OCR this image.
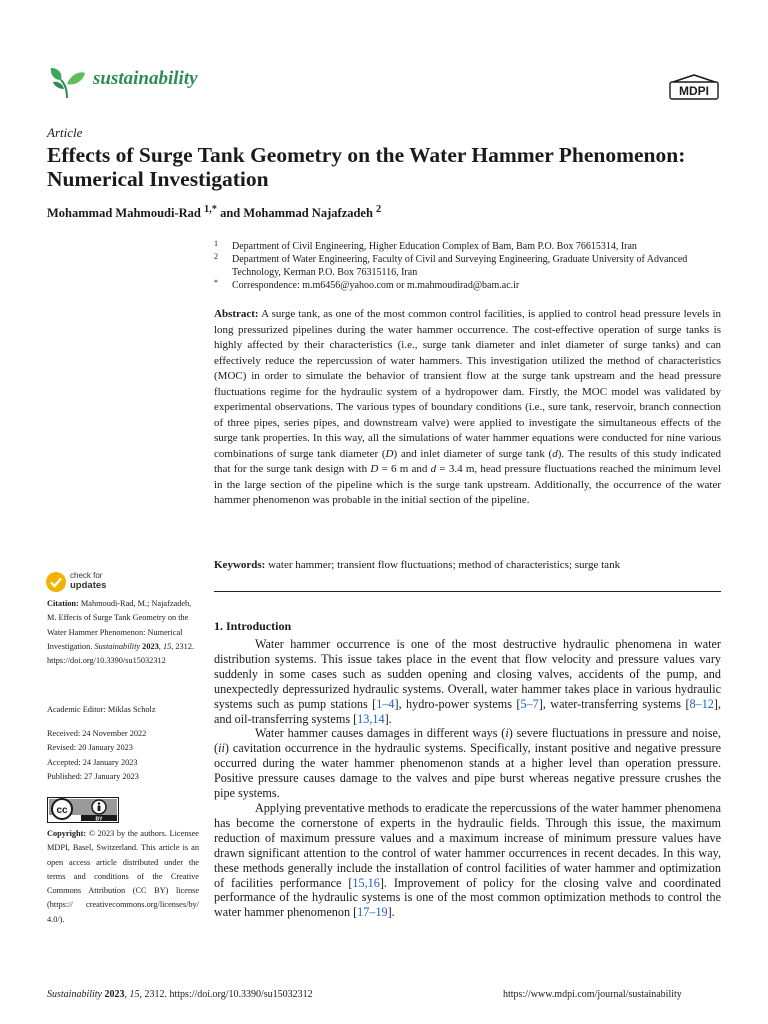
sustainability
MDPI
Article
Effects of Surge Tank Geometry on the Water Hammer Phenomenon: Numerical Investigation
Mohammad Mahmoudi-Rad $^{1,*}$ and Mohammad Najafzadeh $^2$

1 Department of Civil Engineering, Higher Education Complex of Bam, Bam P.O. Box 76615314, Iran

2 Department of Water Engineering, Faculty of Civil and Surveying Engineering, Graduate University of Advanced Technology, Kerman P.O. Box 76315116, Iran

* Correspondence: m.m6456@yahoo.com or m.mahmoudirad@bam.ac.ir

Abstract: A surge tank, as one of the most common control facilities, is applied to control head pressure levels in long pressurized pipelines during the water hammer occurrence. The cost-effective operation of surge tanks is highly affected by their characteristics (i.e., surge tank diameter and inlet diameter of surge tanks) and can effectively reduce the repercussion of water hammers. This investigation utilized the method of characteristics (MOC) in order to simulate the behavior of transient flow at the surge tank upstream and the head pressure fluctuations regime for the hydraulic system of a hydropower dam. Firstly, the MOC model was validated by experimental observations. The various types of boundary conditions (i.e., sure tank, reservoir, branch connection of three pipes, series pipes, and downstream valve) were applied to investigate the simultaneous effects of the surge tank properties. In this way, all the simulations of water hammer equations were conducted for nine various combinations of surge tank diameter (D) and inlet diameter of surge tank (d). The results of this study indicated that for the surge tank design with D = 6 m and d = 3.4 m, head pressure fluctuations reached the minimum level in the large section of the pipeline which is the surge tank upstream. Additionally, the occurrence of the water hammer phenomenon was probable in the initial section of the pipeline.
Keywords: water hammer; transient flow fluctuations; method of characteristics; surge tank
check for
updates

Citation: Mahmoudi-Rad, M.; Najafzadeh, M. Effects of Surge Tank Geometry on the Water Hammer Phenomenon: Numerical Investigation. Sustainability 2023, 15, 2312. https://doi.org/10.3390/su15032312

Academic Editor: Miklas Scholz

Received: 24 November 2022

Revised: 20 January 2023

Accepted: 24 January 2023

Published: 27 January 2023

cc
BY

Copyright: © 2023 by the authors. Licensee MDPI, Basel, Switzerland. This article is an open access article distributed under the terms and conditions of the Creative Commons Attribution (CC BY) license (https:// creativecommons.org/licenses/by/ 4.0/).

1. Introduction

Water hammer occurrence is one of the most destructive hydraulic phenomena in water distribution systems. This issue takes place in the event that flow velocity and pressure values vary suddenly in some cases such as sudden opening and closing valves, accidents of the pump, and unexpectedly depressurized hydraulic systems. Overall, water hammer takes place in various hydraulic systems such as pump stations [1–4], hydro-power systems [5–7], water-transferring systems [8–12], and oil-transferring systems [13,14].

Water hammer causes damages in different ways (i) severe fluctuations in pressure and noise, (ii) cavitation occurrence in the hydraulic systems. Specifically, instant positive and negative pressure occurred during the water hammer phenomenon stands at a higher level than operation pressure. Positive pressure causes damage to the valves and pipe burst whereas negative pressure crushes the pipe systems.

Applying preventative methods to eradicate the repercussions of the water hammer phenomena has become the cornerstone of experts in the hydraulic fields. Through this issue, the maximum reduction of maximum pressure values and a maximum increase of minimum pressure values have drawn significant attention to the control of water hammer occurrences in recent decades. In this way, these methods generally include the installation of control facilities of water hammer and optimization of facilities performance [15,16]. Improvement of policy for the closing valve and coordinated performance of the hydraulic systems is one of the most common optimization methods to control the water hammer phenomenon [17–19].

Sustainability 2023, 15, 2312. https://doi.org/10.3390/su15032312	https://www.mdpi.com/journal/sustainability
